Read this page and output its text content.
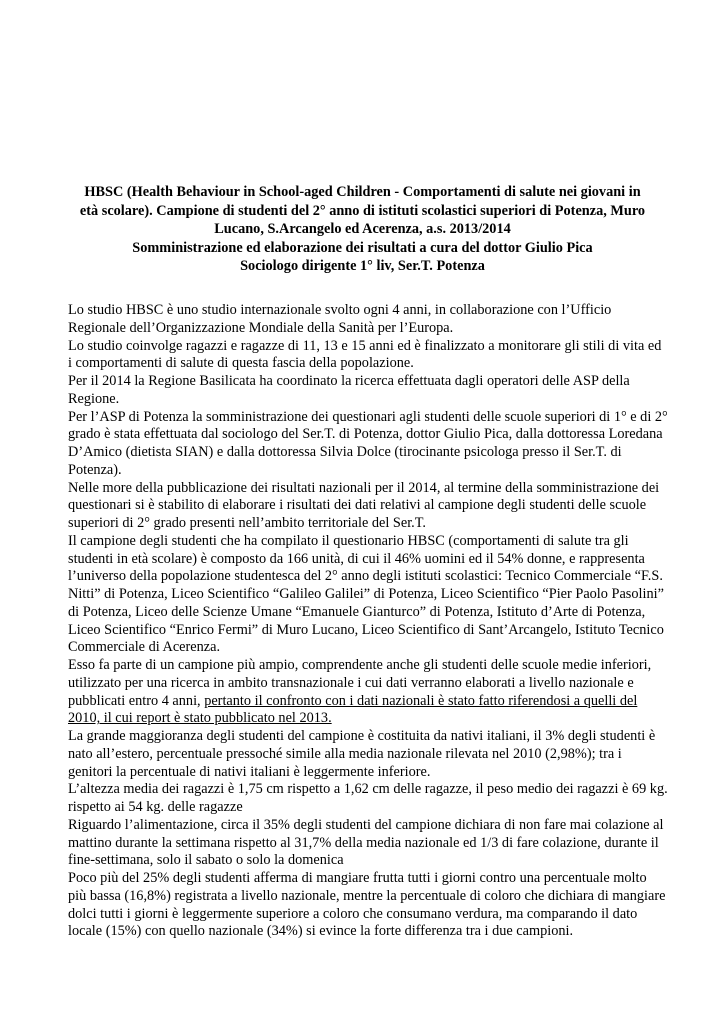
HBSC (Health Behaviour in School-aged Children - Comportamenti di salute nei giovani in
età scolare). Campione di studenti del 2° anno di istituti scolastici superiori di Potenza, Muro
Lucano, S.Arcangelo ed Acerenza, a.s. 2013/2014
Somministrazione ed elaborazione dei risultati a cura del dottor Giulio Pica
Sociologo dirigente 1° liv, Ser.T. Potenza

Lo studio HBSC è uno studio internazionale svolto ogni 4 anni, in collaborazione con l’Ufficio Regionale dell’Organizzazione Mondiale della Sanità per l’Europa.

Lo studio coinvolge ragazzi e ragazze di 11, 13 e 15 anni ed è finalizzato a monitorare gli stili di vita ed i comportamenti di salute di questa fascia della popolazione.

Per il 2014 la Regione Basilicata ha coordinato la ricerca effettuata dagli operatori delle ASP della Regione.

Per l’ASP di Potenza la somministrazione dei questionari agli studenti delle scuole superiori di 1° e di 2° grado è stata effettuata dal sociologo del Ser.T. di Potenza, dottor Giulio Pica, dalla dottoressa Loredana D’Amico (dietista SIAN) e dalla dottoressa Silvia Dolce (tirocinante psicologa presso il Ser.T. di Potenza).

Nelle more della pubblicazione dei risultati nazionali per il 2014, al termine della somministrazione dei questionari si è stabilito di elaborare i risultati dei dati relativi al campione degli studenti delle scuole superiori di 2° grado presenti nell’ambito territoriale del Ser.T.

Il campione degli studenti che ha compilato il questionario HBSC (comportamenti di salute tra gli studenti in età scolare) è composto da 166 unità, di cui il 46% uomini ed il 54% donne, e rappresenta l’universo della popolazione studentesca del 2° anno degli istituti scolastici: Tecnico Commerciale “F.S. Nitti” di Potenza, Liceo Scientifico “Galileo Galilei” di Potenza, Liceo Scientifico “Pier Paolo Pasolini” di Potenza, Liceo delle Scienze Umane “Emanuele Gianturco” di Potenza, Istituto d’Arte di Potenza, Liceo Scientifico “Enrico Fermi” di Muro Lucano, Liceo Scientifico di Sant’Arcangelo, Istituto Tecnico Commerciale di Acerenza.

Esso fa parte di un campione più ampio, comprendente anche gli studenti delle scuole medie inferiori, utilizzato per una ricerca in ambito transnazionale i cui dati verranno elaborati a livello nazionale e pubblicati entro 4 anni, pertanto il confronto con i dati nazionali è stato fatto riferendosi a quelli del 2010, il cui report è stato pubblicato nel 2013.

La grande maggioranza degli studenti del campione è costituita da nativi italiani, il 3% degli studenti è nato all’estero, percentuale pressoché simile alla media nazionale rilevata nel 2010 (2,98%); tra i genitori la percentuale di nativi italiani è leggermente inferiore.

L’altezza media dei ragazzi è 1,75 cm rispetto a 1,62 cm delle ragazze, il peso medio dei ragazzi è 69 kg. rispetto ai 54 kg. delle ragazze

Riguardo l’alimentazione, circa il 35% degli studenti del campione dichiara di non fare mai colazione al mattino durante la settimana rispetto al 31,7% della media nazionale ed 1/3 di fare colazione, durante il fine-settimana, solo il sabato o solo la domenica

Poco più del 25% degli studenti afferma di mangiare frutta tutti i giorni contro una percentuale molto più bassa (16,8%) registrata a livello nazionale, mentre la percentuale di coloro che dichiara di mangiare dolci tutti i giorni è leggermente superiore a coloro che consumano verdura, ma comparando il dato locale (15%) con quello nazionale (34%) si evince la forte differenza tra i due campioni.
